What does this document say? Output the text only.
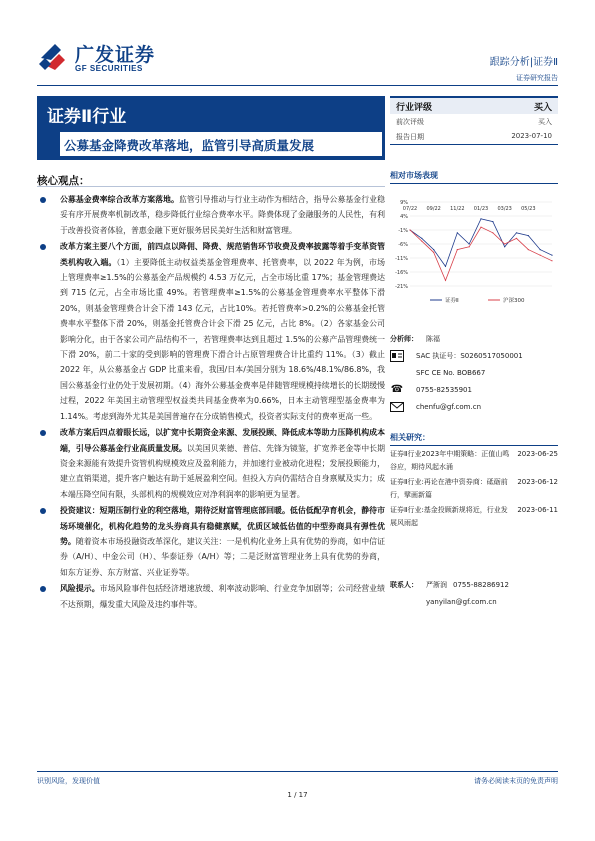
广发证券
GF SECURITIES
跟踪分析|证券Ⅱ
证券研究报告
证券Ⅱ行业
公募基金降费改革落地，监管引导高质量发展
行业评级	买入
前次评级	买入
报告日期	2023-07-10
核心观点：
公募基金费率综合改革方案落地。监管引导推动与行业主动作为相结合，指导公募基金行业稳妥有序开展费率机制改革，稳步降低行业综合费率水平。降费体现了金融服务的人民性，有利于改善投资者体验，普惠金融下更好服务居民美好生活和财富管理。
改革方案主要八个方面，前四点以降佣、降费、规范销售环节收费及费率披露等着手变革资管类机构收入端。（1）主要降低主动权益类基金管理费率、托管费率，以 2022 年为例，市场上管理费率≥1.5%的公募基金产品规模约 4.53 万亿元，占全市场比重 17%；基金管理费达到 715 亿元，占全市场比重 49%。若管理费率≥1.5%的公募基金管理费率水平整体下滑 20%，则基金管理费合计会下滑 143 亿元，占比10%。若托管费率>0.2%的公募基金托管费率水平整体下滑 20%，则基金托管费合计会下滑 25 亿元，占比 8%。（2）各家基金公司影响分化，由于各家公司产品结构不一，若管理费率达到且超过 1.5%的公募产品管理费统一下滑 20%，前二十家的受到影响的管理费下滑合计占原管理费合计比重约 11%。（3）截止 2022 年，从公募基金占 GDP 比重来看，我国/日本/美国分别为 18.6%/48.1%/86.8%，我国公募基金行业仍处于发展初期。（4）海外公募基金费率是伴随管理规模持续增长的长期缓慢过程，2022 年美国主动管理型权益类共同基金费率为0.66%，日本主动管理型基金费率为 1.14%。考虑到海外尤其是美国普遍存在分成销售模式，投资者实际支付的费率更高一些。
改革方案后四点着眼长远，以扩宽中长期资金来源、发展投顾、降低成本等助力压降机构成本端，引导公募基金行业高质量发展。以美国贝莱德、普信、先锋为镜鉴，扩宽养老金等中长期资金来源能有效提升资管机构规模效应及盈利能力，并加速行业被动化进程；发展投顾能力，建立直销渠道，提升客户触达有助于延展盈利空间。但投入方向仍需结合自身禀赋及实力；成本端压降空间有限，头部机构的规模效应对净利润率的影响更为显著。
投资建议：短期压制行业的利空落地，期待泛财富管理底部回暖。低估低配孕育机会，静待市场环境催化，机构化趋势的龙头券商具有稳健禀赋，优质区域低估值的中型券商具有弹性优势。随着资本市场投融资改革深化，建议关注：一是机构化业务上具有优势的券商，如中信证券（A/H）、中金公司（H）、华泰证券（A/H）等；二是泛财富管理业务上具有优势的券商，如东方证券、东方财富、兴业证券等。
风险提示。市场风险事件包括经济增速放缓、利率波动影响、行业竞争加剧等；公司经营业绩不达预期，爆发重大风险及违约事件等。
相对市场表现
9%
4%
-1%
-6%
-11%
-16%
-21%
07/22 09/22 11/22 01/23 03/23 05/23
证券Ⅱ	沪深300
分析师： 陈福
SAC 执证号：S0260517050001
SFC CE No. BOB667
☎ 0755-82535901
chenfu@gf.com.cn
相关研究：
证券Ⅱ行业2023年中期策略：正值山鸣谷应，期待风起水涌
2023-06-25
证券Ⅱ行业:再论在港中资券商：砥砺前行，擘画新篇
2023-06-12
证券Ⅱ行业:基金投顾新规将近，行业发展风雨起
2023-06-11
联系人： 严淅润 0755-88286912
yanyilan@gf.com.cn
识别风险，发现价值	请务必阅读末页的免责声明
1 / 17
